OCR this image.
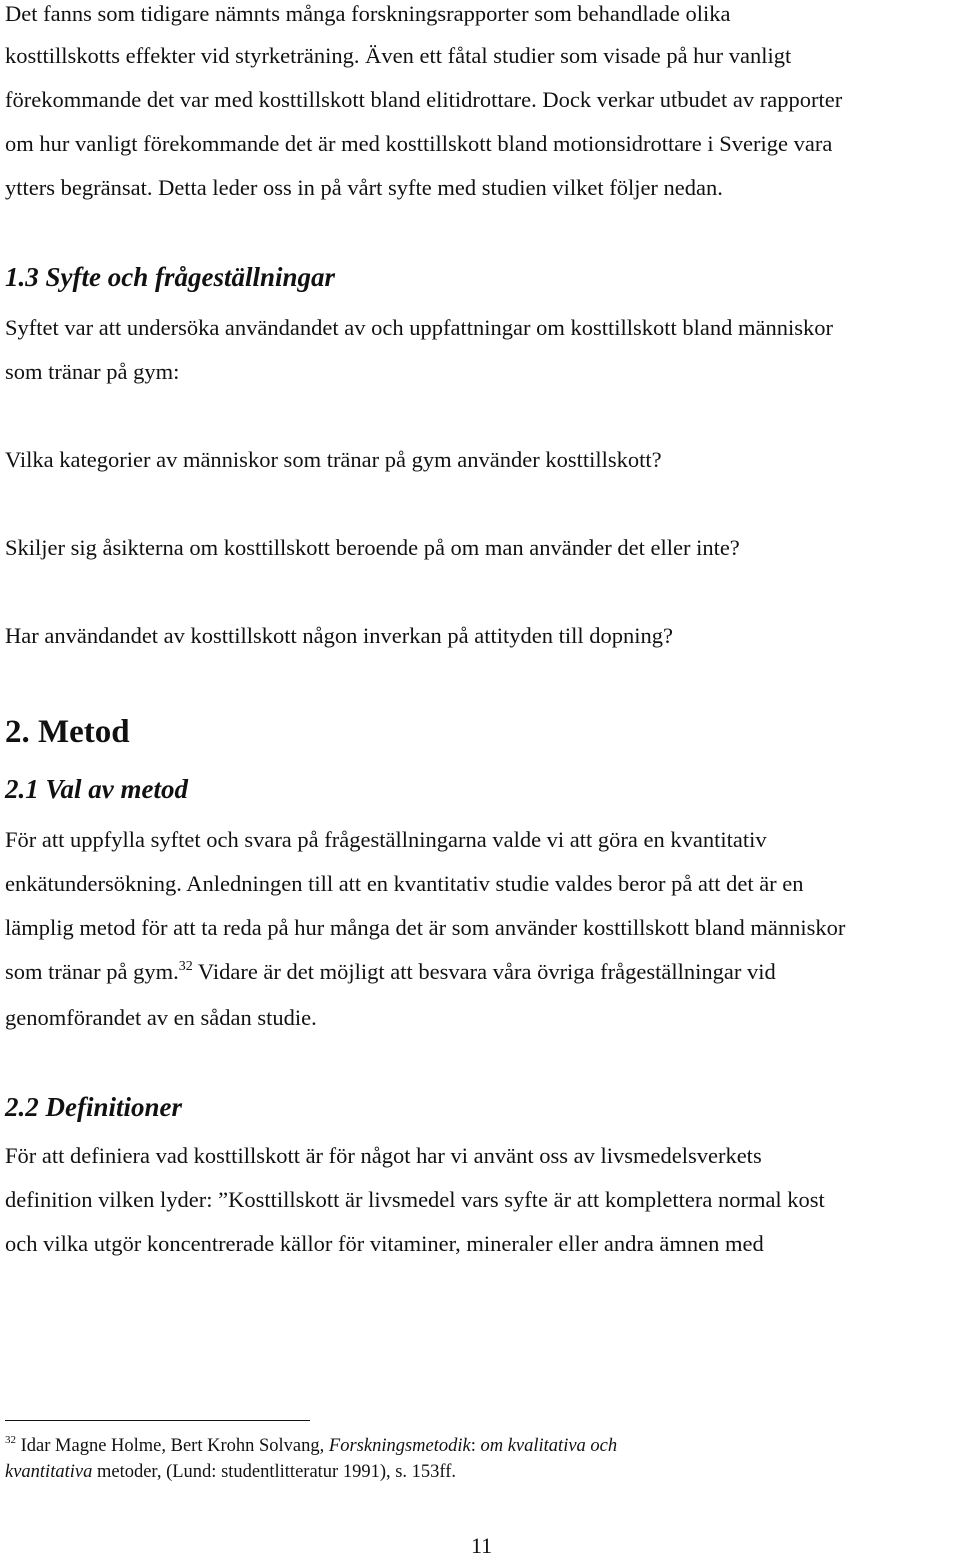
Det fanns som tidigare nämnts många forskningsrapporter som behandlade olika
kosttillskotts effekter vid styrketräning. Även ett fåtal studier som visade på hur vanligt
förekommande det var med kosttillskott bland elitidrottare. Dock verkar utbudet av rapporter
om hur vanligt förekommande det är med kosttillskott bland motionsidrottare i Sverige vara
ytters begränsat. Detta leder oss in på vårt syfte med studien vilket följer nedan.
1.3 Syfte och frågeställningar
Syftet var att undersöka användandet av och uppfattningar om kosttillskott bland människor
som tränar på gym:
Vilka kategorier av människor som tränar på gym använder kosttillskott?
Skiljer sig åsikterna om kosttillskott beroende på om man använder det eller inte?
Har användandet av kosttillskott någon inverkan på attityden till dopning?
2. Metod
2.1 Val av metod
För att uppfylla syftet och svara på frågeställningarna valde vi att göra en kvantitativ
enkätundersökning. Anledningen till att en kvantitativ studie valdes beror på att det är en
lämplig metod för att ta reda på hur många det är som använder kosttillskott bland människor
som tränar på gym.$^{32}$ Vidare är det möjligt att besvara våra övriga frågeställningar vid
genomförandet av en sådan studie.
2.2 Definitioner
För att definiera vad kosttillskott är för något har vi använt oss av livsmedelsverkets
definition vilken lyder: ”Kosttillskott är livsmedel vars syfte är att komplettera normal kost
och vilka utgör koncentrerade källor för vitaminer, mineraler eller andra ämnen med
$^{32}$ Idar Magne Holme, Bert Krohn Solvang, Forskningsmetodik: om kvalitativa och
kvantitativa metoder, (Lund: studentlitteratur 1991), s. 153ff.
11
